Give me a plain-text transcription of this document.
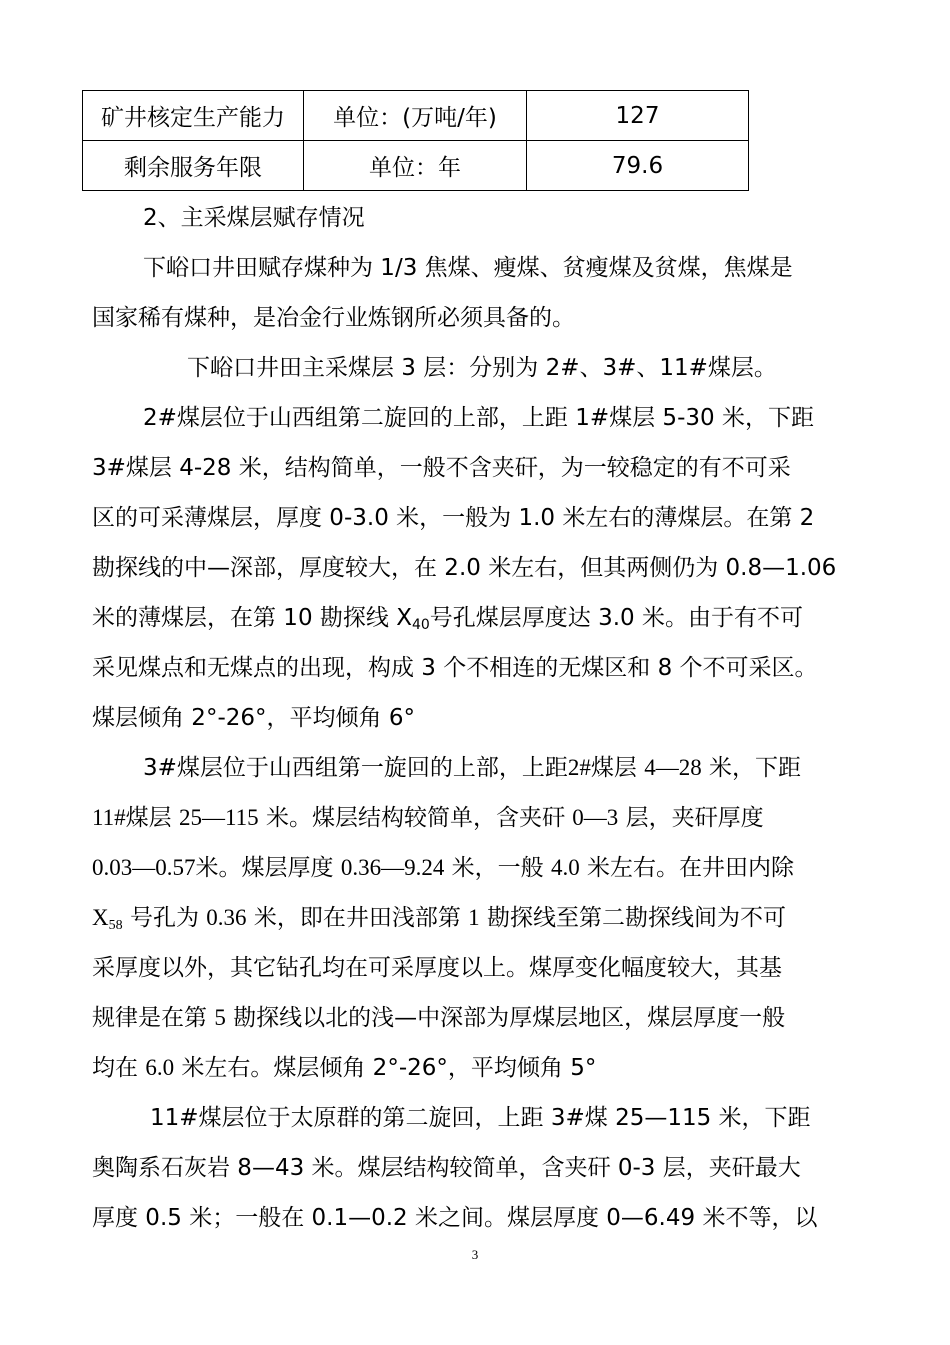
矿井核定生产能力	单位：(万吨/年)	127
剩余服务年限	单位：年	79.6
2、主采煤层赋存情况
下峪口井田赋存煤种为 1/3 焦煤、瘦煤、贫瘦煤及贫煤，焦煤是
国家稀有煤种，是冶金行业炼钢所必须具备的。
下峪口井田主采煤层 3 层：分别为 2#、3#、11#煤层。
2#煤层位于山西组第二旋回的上部，上距 1#煤层 5-30 米，下距
3#煤层 4-28 米，结构简单，一般不含夹矸，为一较稳定的有不可采
区的可采薄煤层，厚度 0-3.0 米，一般为 1.0 米左右的薄煤层。在第 2
勘探线的中—深部，厚度较大，在 2.0 米左右，但其两侧仍为 0.8—1.06
米的薄煤层，在第 10 勘探线 $X_{40}$号孔煤层厚度达 3.0 米。由于有不可
采见煤点和无煤点的出现，构成 3 个不相连的无煤区和 8 个不可采区。
煤层倾角 2°-26°，平均倾角 6°
3#煤层位于山西组第一旋回的上部，上距2#煤层 4—28 米，下距
11#煤层 25—115 米。煤层结构较简单，含夹矸 0—3 层，夹矸厚度
0.03—0.57米。煤层厚度 0.36—9.24 米，一般 4.0 米左右。在井田内除
$X_{58}$ 号孔为 0.36 米，即在井田浅部第 1 勘探线至第二勘探线间为不可
采厚度以外，其它钻孔均在可采厚度以上。煤厚变化幅度较大，其基
规律是在第 5 勘探线以北的浅—中深部为厚煤层地区，煤层厚度一般
均在 6.0 米左右。煤层倾角 2°-26°，平均倾角 5°
11#煤层位于太原群的第二旋回，上距 3#煤 25—115 米，下距
奥陶系石灰岩 8—43 米。煤层结构较简单，含夹矸 0-3 层，夹矸最大
厚度 0.5 米；一般在 0.1—0.2 米之间。煤层厚度 0—6.49 米不等，以
3
